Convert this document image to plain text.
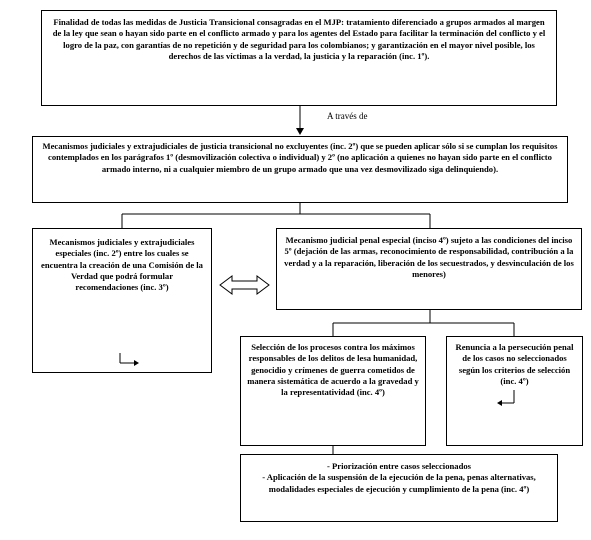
Finalidad de todas las medidas de Justicia Transicional consagradas en el MJP: tratamiento diferenciado a grupos armados al margen de la ley que sean o hayan sido parte en el conflicto armado y para los agentes del Estado para facilitar la terminación del conflicto y el logro de la paz, con garantías de no repetición y de seguridad para los colombianos; y garantización en el mayor nivel posible, los derechos de las víctimas a la verdad, la justicia y la reparación (inc. 1º).
A través de
Mecanismos judiciales y extrajudiciales de justicia transicional no excluyentes (inc. 2º) que se pueden aplicar sólo si se cumplan los requisitos contemplados en los parágrafos 1º (desmovilización colectiva o individual) y 2º (no aplicación a quienes no hayan sido parte en el conflicto armado interno, ni a cualquier miembro de un grupo armado que una vez desmovilizado siga delinquiendo).
Mecanismos judiciales y extrajudiciales especiales (inc. 2º) entre los cuales se encuentra la creación de una Comisión de la Verdad que podrá formular recomendaciones (inc. 3º)
Mecanismo judicial penal especial (inciso 4º) sujeto a las condiciones del inciso 5º (dejación de las armas, reconocimiento de responsabilidad, contribución a la verdad y a la reparación, liberación de los secuestrados, y desvinculación de los menores)
Selección de los procesos contra los máximos responsables de los delitos de lesa humanidad, genocidio y crímenes de guerra cometidos de manera sistemática de acuerdo a la gravedad y la representatividad (inc. 4º)
Renuncia a la persecución penal de los casos no seleccionados según los criterios de selección (inc. 4º)
- Priorización entre casos seleccionados
- Aplicación de la suspensión de la ejecución de la pena, penas alternativas, modalidades especiales de ejecución y cumplimiento de la pena (inc. 4º)
